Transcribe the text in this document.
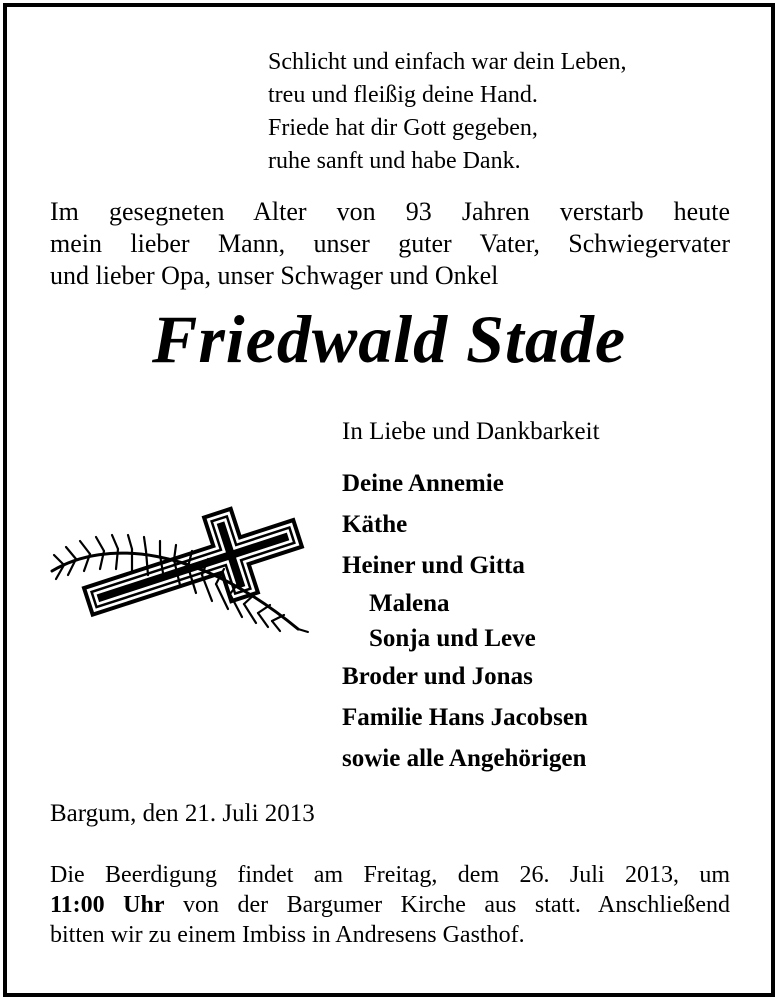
Schlicht und einfach war dein Leben,
treu und fleißig deine Hand.
Friede hat dir Gott gegeben,
ruhe sanft und habe Dank.
Im gesegneten Alter von 93 Jahren verstarb heute
mein lieber Mann, unser guter Vater, Schwiegervater
und lieber Opa, unser Schwager und Onkel
Friedwald Stade
In Liebe und Dankbarkeit
Deine Annemie
Käthe
Heiner und Gitta
Malena
Sonja und Leve
Broder und Jonas
Familie Hans Jacobsen
sowie alle Angehörigen
Bargum, den 21. Juli 2013
Die Beerdigung findet am Freitag, dem 26. Juli 2013, um
11:00 Uhr von der Bargumer Kirche aus statt. Anschließend
bitten wir zu einem Imbiss in Andresens Gasthof.
